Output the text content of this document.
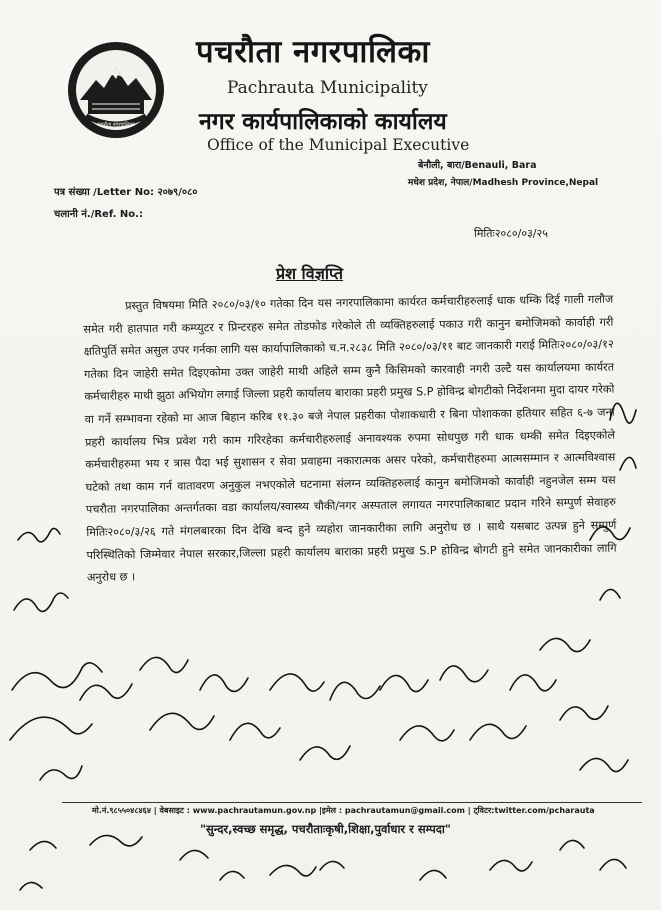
पचरौता नगरपालिका
पचरौता नगरपालिका
Pachrauta Municipality
नगर कार्यपालिकाको कार्यालय
Office of the Municipal Executive
बेनौली, बारा/Benauli, Bara
मधेश प्रदेश, नेपाल/Madhesh Province,Nepal
पत्र संख्या /Letter No: २०७९/०८०
चलानी नं./Ref. No.:
मितिः२०८०/०३/२५
प्रेश विज्ञप्ति
प्रस्तुत विषयमा मिति २०८०/०३/१० गतेका दिन यस नगरपालिकामा कार्यरत कर्मचारीहरुलाई धाक धम्कि दिई गाली गलौज समेत गरी हातपात गरी कम्प्युटर र प्रिन्टरहरु समेत तोडफोड गरेकोले ती व्यक्तिहरुलाई पकाउ गरी कानुन बमोजिमको कार्वाही गरी क्षतिपुर्ति समेत असुल उपर गर्नका लागि यस कार्यापालिकाको च.न.२८३८ मिति २०८०/०३/११ बाट जानकारी गराई मितिः२०८०/०३/१२ गतेका दिन जाहेरी समेत दिइएकोमा उक्त जाहेरी माथी अहिले सम्म कुनै किसिमको कारवाही नगरी उल्टै यस कार्यालयमा कार्यरत कर्मचारीहरु माथी झुठा अभियोग लगाई जिल्ला प्रहरी कार्यालय बाराका प्रहरी प्रमुख S.P होविन्द्र बोगटीको निर्देशनमा मुदा दायर गरेको वा गर्ने सम्भावना रहेको मा आज बिहान करिब ११.३० बजे नेपाल प्रहरीका पोशाकधारी र बिना पोशाकका हतियार सहित ६-७ जना प्रहरी कार्यालय भित्र प्रवेश गरी काम गरिरहेका कर्मचारीहरुलाई अनावश्यक रुपमा सोधपुछ गरी धाक धम्की समेत दिइएकोले कर्मचारीहरुमा भय र त्रास पैदा भई सुशासन र सेवा प्रवाहमा नकारात्मक असर परेको, कर्मचारीहरुमा आत्मसम्मान र आत्मविश्वास घटेको तथा काम गर्न वातावरण अनुकुल नभएकोले घटनामा संलग्न व्यक्तिहरुलाई कानुन बमोजिमको कार्वाही नहुनजेल सम्म यस पचरौता नगरपालिका अन्तर्गतका वडा कार्यालय/स्वास्थ्य चौकी/नगर अस्पताल लगायत नगरपालिकाबाट प्रदान गरिने सम्पुर्ण सेवाहरु मितिः२०८०/३/२६ गते मंगलबारका दिन देखि बन्द हुने व्यहोरा जानकारीका लागि अनुरोध छ । साथै यसबाट उत्पन्न हुने सम्पुर्ण परिस्थितिको जिम्मेवार नेपाल सरकार,जिल्ला प्रहरी कार्यालय बाराका प्रहरी प्रमुख S.P होविन्द्र बोगटी हुने समेत जानकारीका लागि अनुरोध छ ।
मो.नं.९८५५०४८४६४ | वेबसाइट : www.pachrautamun.gov.np |इमेल : pachrautamun@gmail.com | ट्विटर:twitter.com/pcharauta
"सुन्दर,स्वच्छ समृद्ध, पचरौताःकृषी,शिक्षा,पुर्वाधार र सम्पदा"
